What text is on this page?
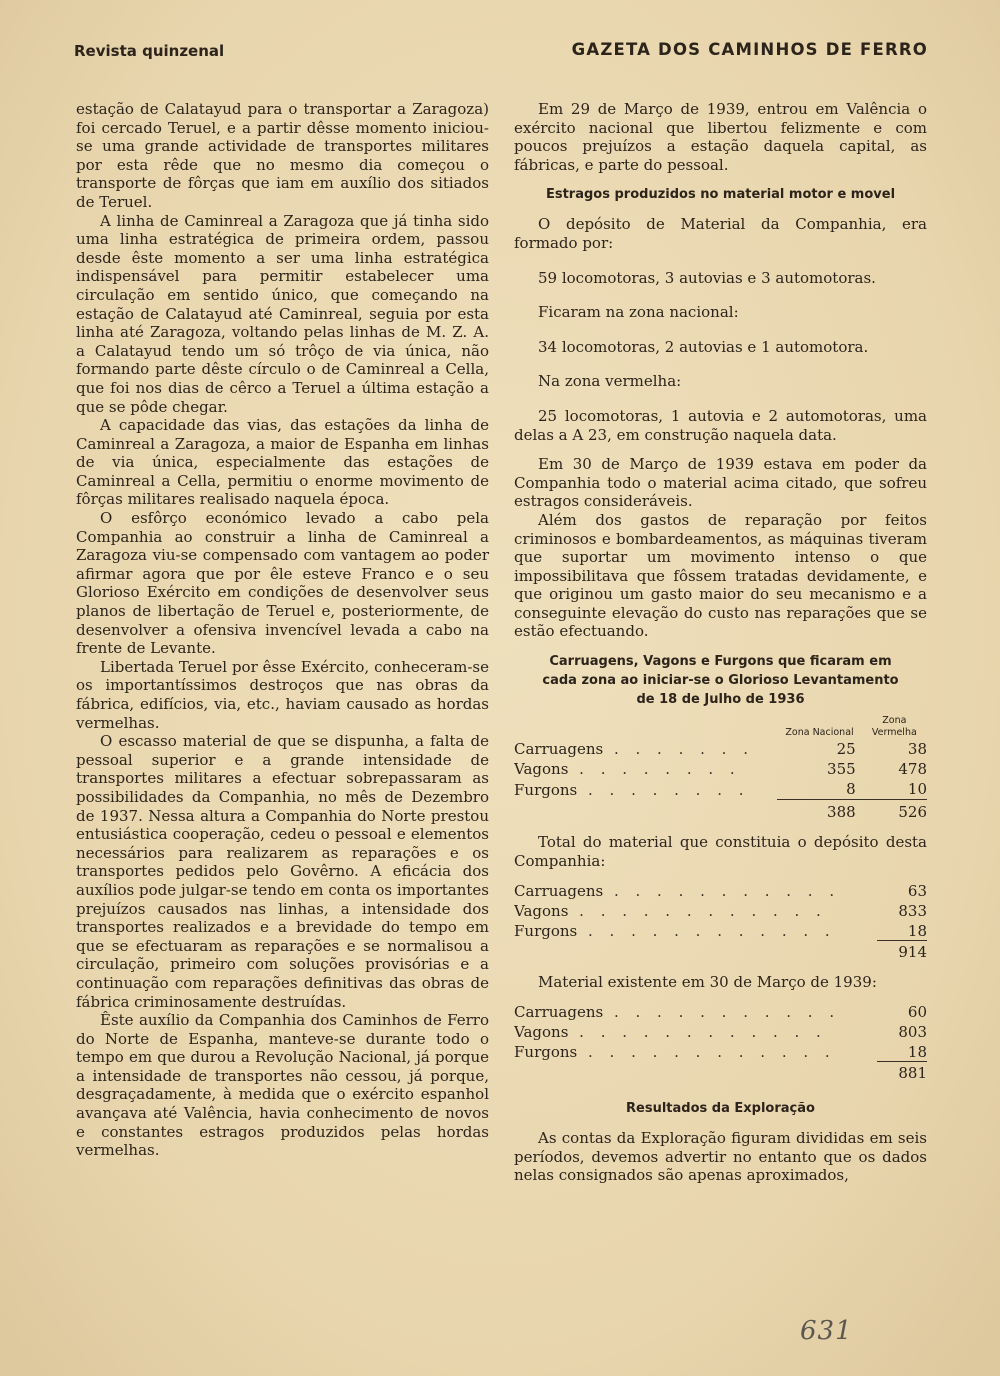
Revista quinzenal	GAZETA DOS CAMINHOS DE FERRO

estação de Calatayud para o transportar a Zaragoza) foi cercado Teruel, e a partir dêsse momento iniciou-se uma grande actividade de transportes militares por esta rêde que no mesmo dia começou o transporte de fôrças que iam em auxílio dos sitiados de Teruel.

A linha de Caminreal a Zaragoza que já tinha sido uma linha estratégica de primeira ordem, passou desde êste momento a ser uma linha estratégica indispensável para permitir estabelecer uma circulação em sentido único, que começando na estação de Calatayud até Caminreal, seguia por esta linha até Zaragoza, voltando pelas linhas de M. Z. A. a Calatayud tendo um só trôço de via única, não formando parte dêste círculo o de Caminreal a Cella, que foi nos dias de cêrco a Teruel a última estação a que se pôde chegar.

A capacidade das vias, das estações da linha de Caminreal a Zaragoza, a maior de Espanha em linhas de via única, especialmente das estações de Caminreal a Cella, permitiu o enorme movimento de fôrças militares realisado naquela época.

O esfôrço económico levado a cabo pela Companhia ao construir a linha de Caminreal a Zaragoza viu-se compensado com vantagem ao poder afirmar agora que por êle esteve Franco e o seu Glorioso Exército em condições de desenvolver seus planos de libertação de Teruel e, posteriormente, de desenvolver a ofensiva invencível levada a cabo na frente de Levante.

Libertada Teruel por êsse Exército, conheceram-se os importantíssimos destroços que nas obras da fábrica, edifícios, via, etc., haviam causado as hordas vermelhas.

O escasso material de que se dispunha, a falta de pessoal superior e a grande intensidade de transportes militares a efectuar sobrepassaram as possibilidades da Companhia, no mês de Dezembro de 1937. Nessa altura a Companhia do Norte prestou entusiástica cooperação, cedeu o pessoal e elementos necessários para realizarem as reparações e os transportes pedidos pelo Govêrno. A eficácia dos auxílios pode julgar-se tendo em conta os importantes prejuízos causados nas linhas, a intensidade dos transportes realizados e a brevidade do tempo em que se efectuaram as reparações e se normalisou a circulação, primeiro com soluções provisórias e a continuação com reparações definitivas das obras de fábrica criminosamente destruídas.

Êste auxílio da Companhia dos Caminhos de Ferro do Norte de Espanha, manteve-se durante todo o tempo em que durou a Revolução Nacional, já porque a intensidade de transportes não cessou, já porque, desgraçadamente, à medida que o exército espanhol avançava até Valência, havia conhecimento de novos e constantes estragos produzidos pelas hordas vermelhas.

Em 29 de Março de 1939, entrou em Valência o exército nacional que libertou felizmente e com poucos prejuízos a estação daquela capital, as fábricas, e parte do pessoal.

Estragos produzidos no material motor e movel

O depósito de Material da Companhia, era formado por:

59 locomotoras, 3 autovias e 3 automotoras.

Ficaram na zona nacional:

34 locomotoras, 2 autovias e 1 automotora.

Na zona vermelha:

25 locomotoras, 1 autovia e 2 automotoras, uma delas a A 23, em construção naquela data.

Em 30 de Março de 1939 estava em poder da Companhia todo o material acima citado, que sofreu estragos consideráveis.

Além dos gastos de reparação por feitos criminosos e bombardeamentos, as máquinas tiveram que suportar um movimento intenso o que impossibilitava que fôssem tratadas devidamente, e que originou um gasto maior do seu mecanismo e a conseguinte elevação do custo nas reparações que se estão efectuando.

Carruagens, Vagons e Furgons que ficaram em cada zona ao iniciar-se o Glorioso Levantamento de 18 de Julho de 1936

	Zona Nacional	Zona Vermelha

Carruagens . . . . . . .	25	38
Vagons . . . . . . . .	355	478
Furgons . . . . . . . .	8	10
	388	526

Total do material que constituia o depósito desta Companhia:

Carruagens . . . . . . . . . . .	63
Vagons . . . . . . . . . . . .	833
Furgons . . . . . . . . . . . .	18
	914

Material existente em 30 de Março de 1939:

Carruagens . . . . . . . . . . .	60
Vagons . . . . . . . . . . . .	803
Furgons . . . . . . . . . . . .	18
	881
Resultados da Exploração

As contas da Exploração figuram divididas em seis períodos, devemos advertir no entanto que os dados nelas consignados são apenas aproximados,

631
